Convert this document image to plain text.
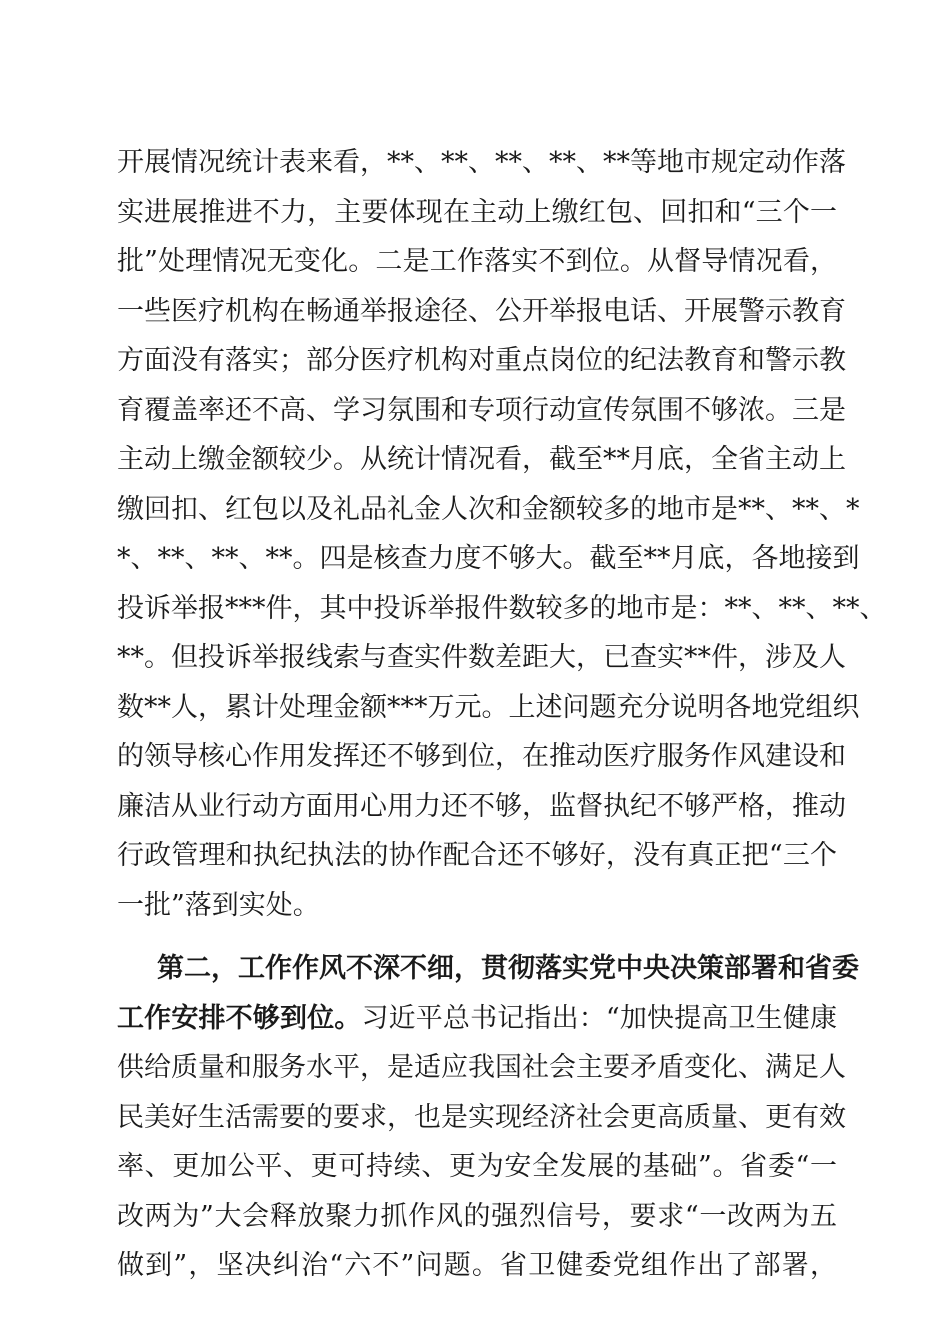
开展情况统计表来看，**、**、**、**、**等地市规定动作落
实进展推进不力，主要体现在主动上缴红包、回扣和“三个一
批”处理情况无变化。二是工作落实不到位。从督导情况看，
一些医疗机构在畅通举报途径、公开举报电话、开展警示教育
方面没有落实；部分医疗机构对重点岗位的纪法教育和警示教
育覆盖率还不高、学习氛围和专项行动宣传氛围不够浓。三是
主动上缴金额较少。从统计情况看，截至**月底，全省主动上
缴回扣、红包以及礼品礼金人次和金额较多的地市是**、**、*
*、**、**、**。四是核查力度不够大。截至**月底，各地接到
投诉举报***件，其中投诉举报件数较多的地市是：**、**、**、
**。但投诉举报线索与查实件数差距大，已查实**件，涉及人
数**人，累计处理金额***万元。上述问题充分说明各地党组织
的领导核心作用发挥还不够到位，在推动医疗服务作风建设和
廉洁从业行动方面用心用力还不够，监督执纪不够严格，推动
行政管理和执纪执法的协作配合还不够好，没有真正把“三个
一批”落到实处。
第二，工作作风不深不细，贯彻落实党中央决策部署和省委
工作安排不够到位。习近平总书记指出：“加快提高卫生健康
供给质量和服务水平，是适应我国社会主要矛盾变化、满足人
民美好生活需要的要求，也是实现经济社会更高质量、更有效
率、更加公平、更可持续、更为安全发展的基础”。省委“一
改两为”大会释放聚力抓作风的强烈信号，要求“一改两为五
做到”，坚决纠治“六不”问题。省卫健委党组作出了部署，
